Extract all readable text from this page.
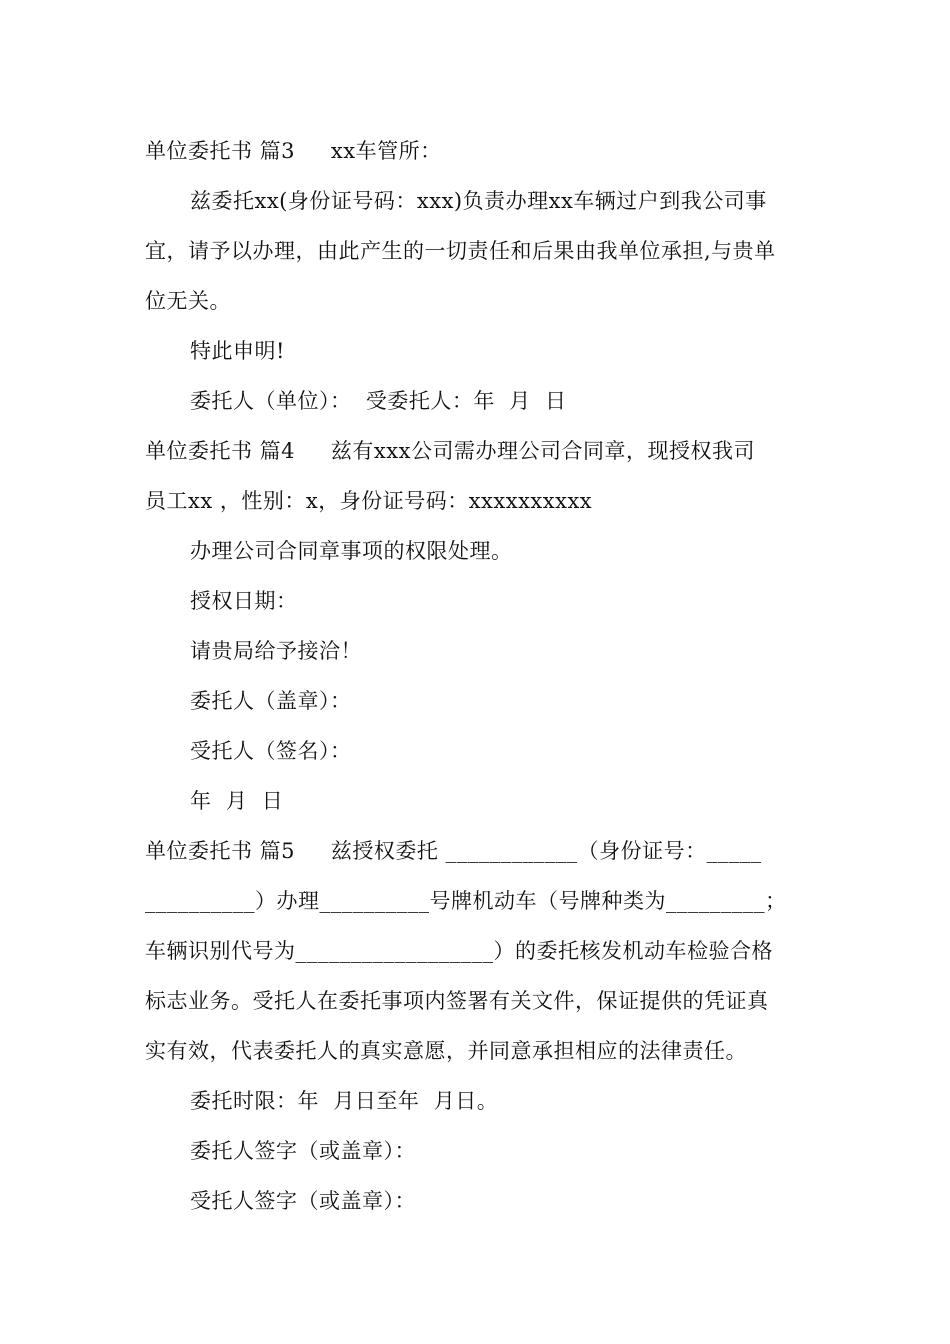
单位委托书 篇3     xx车管所：
兹委托xx(身份证号码：xxx)负责办理xx车辆过户到我公司事
宜，请予以办理，由此产生的一切责任和后果由我单位承担,与贵单
位无关。
特此申明!
委托人（单位）：  受委托人：年  月  日
单位委托书 篇4     兹有xxx公司需办理公司合同章，现授权我司
员工xx ，性别：x，身份证号码：xxxxxxxxxx
办理公司合同章事项的权限处理。
授权日期：
请贵局给予接洽！
委托人（盖章）：
受托人（签名）：
年  月  日
单位委托书 篇5     兹授权委托 ____________（身份证号：_____
__________）办理__________号牌机动车（号牌种类为_________；
车辆识别代号为__________________）的委托核发机动车检验合格
标志业务。受托人在委托事项内签署有关文件，保证提供的凭证真
实有效，代表委托人的真实意愿，并同意承担相应的法律责任。
委托时限：年  月日至年  月日。
委托人签字（或盖章）：
受托人签字（或盖章）：
